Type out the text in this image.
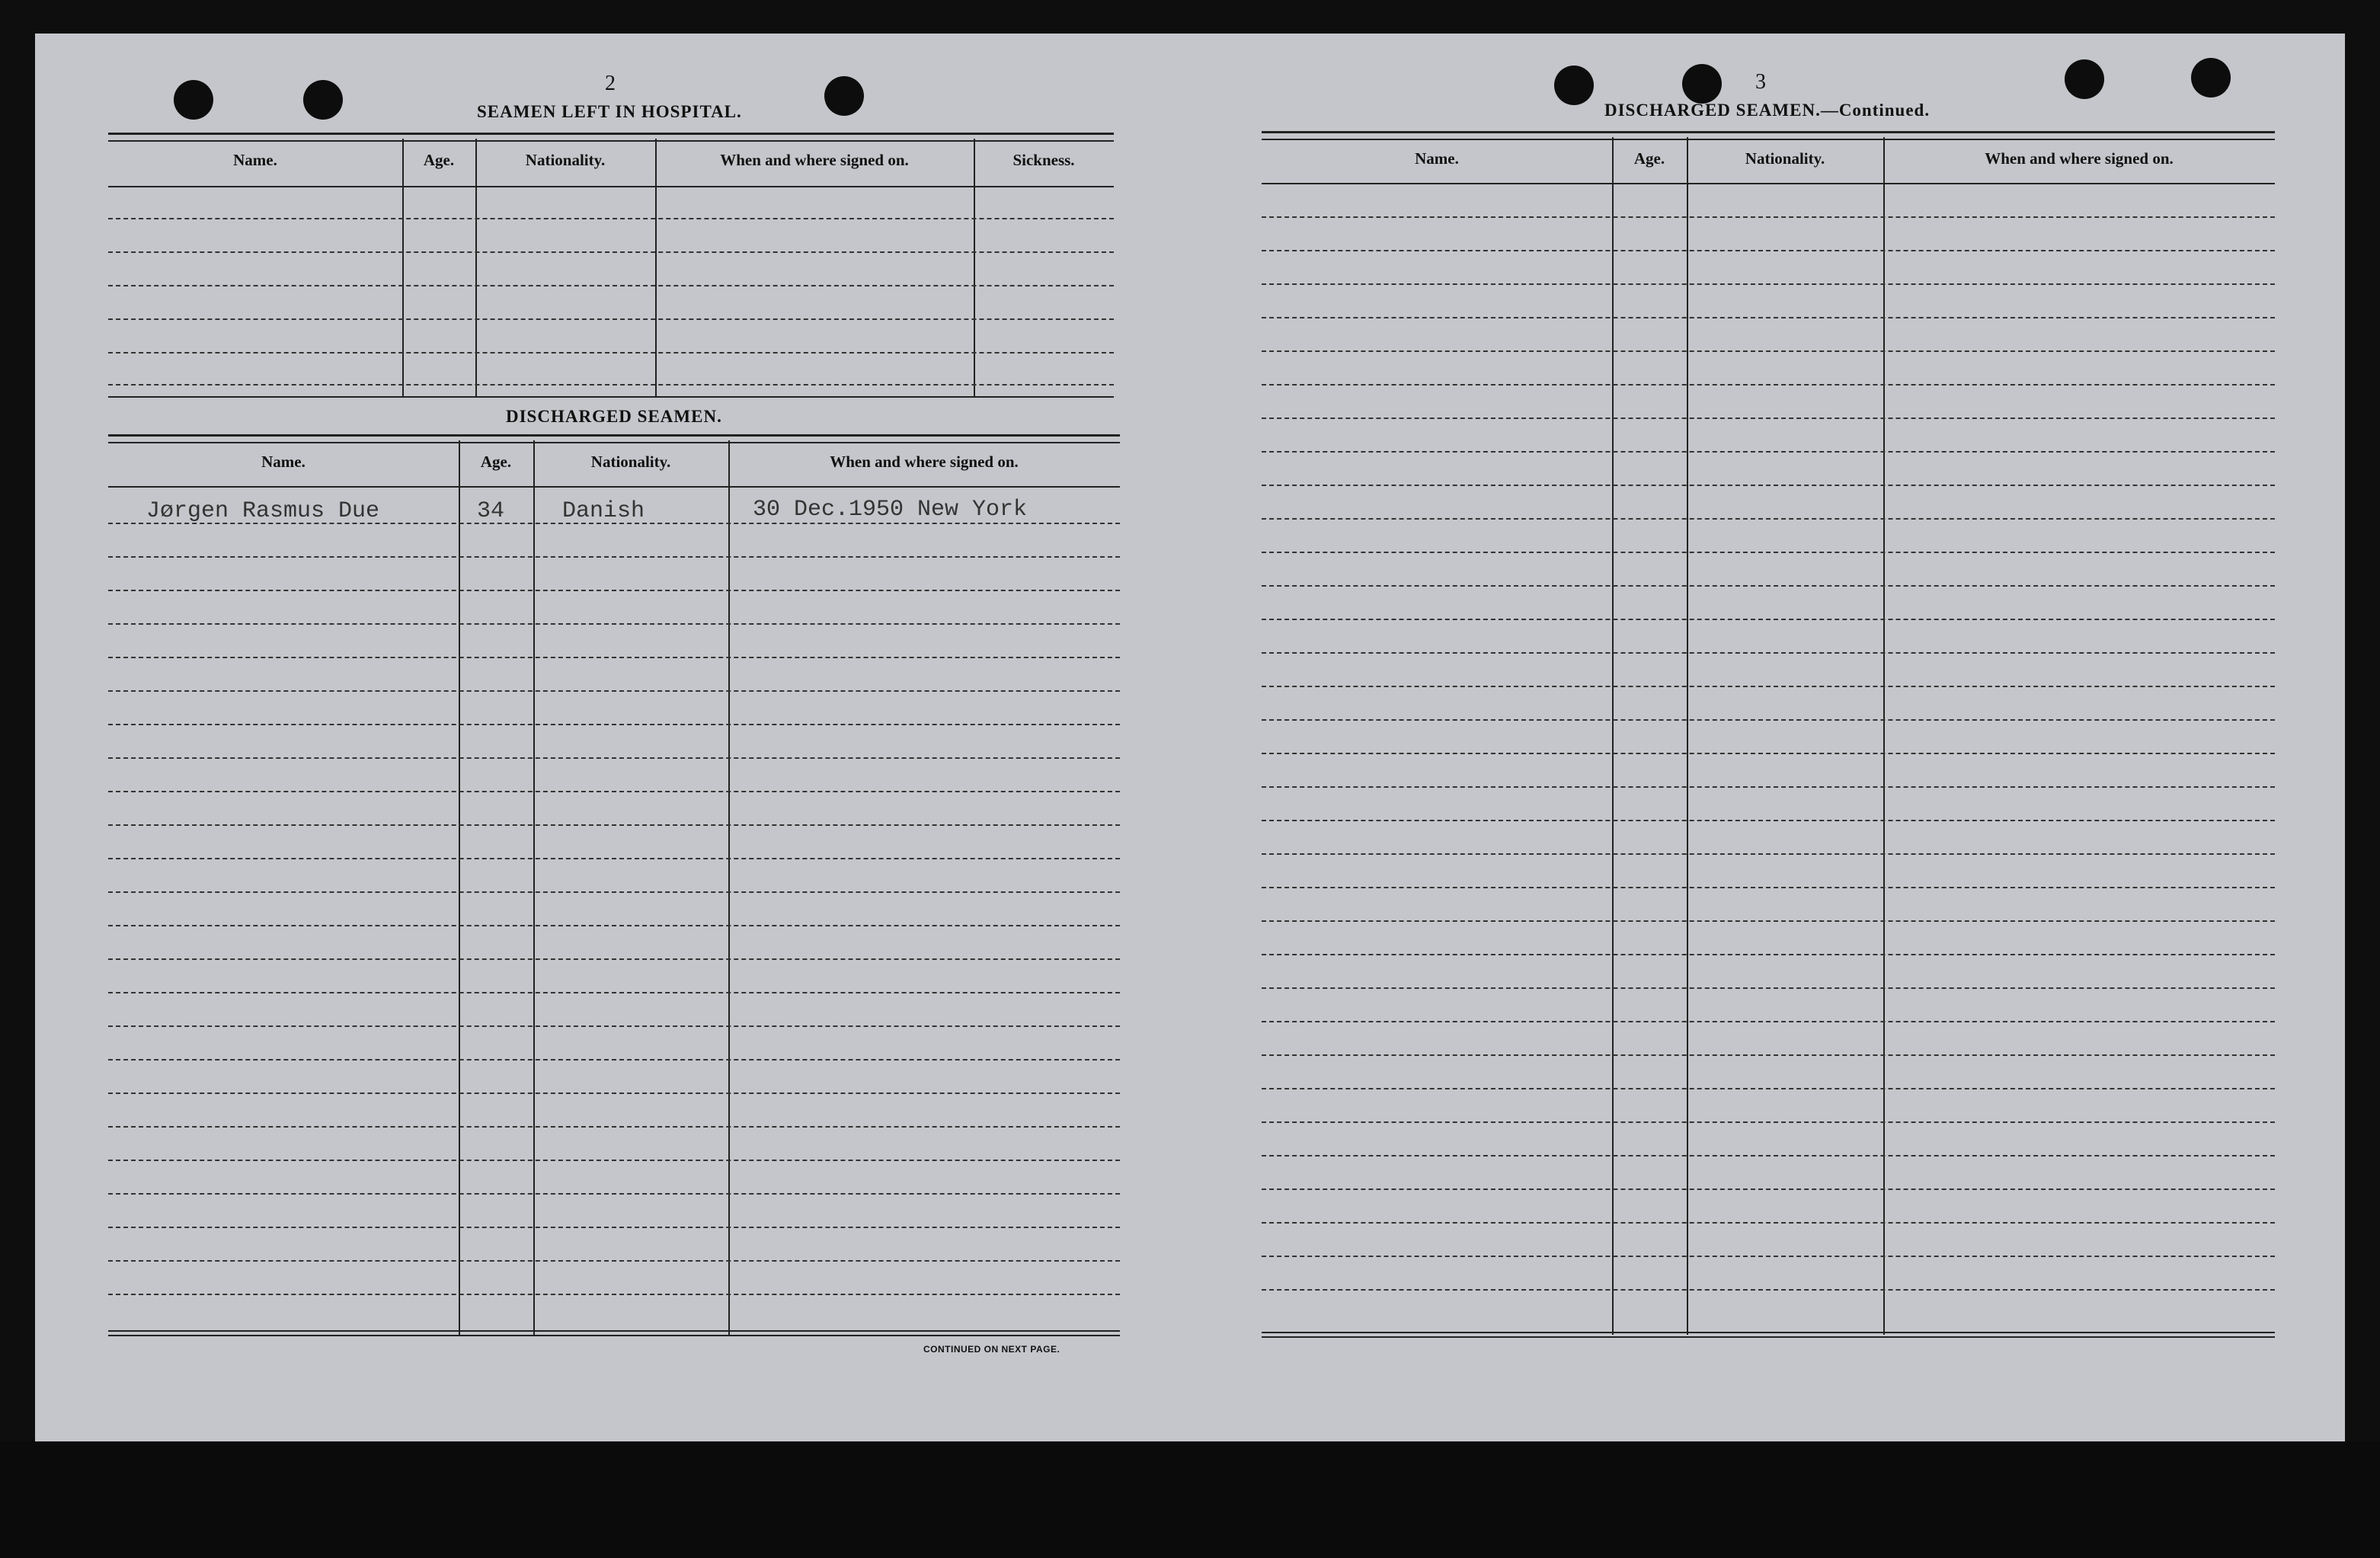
2
SEAMEN LEFT IN HOSPITAL.
Name.	Age.	Nationality.	When and where signed on.	Sickness.
DISCHARGED SEAMEN.
Name.	Age.	Nationality.	When and where signed on.
Jørgen Rasmus Due	34	Danish	30 Dec.1950 New York
CONTINUED ON NEXT PAGE.
3
DISCHARGED SEAMEN.—Continued.
Name.	Age.	Nationality.	When and where signed on.
